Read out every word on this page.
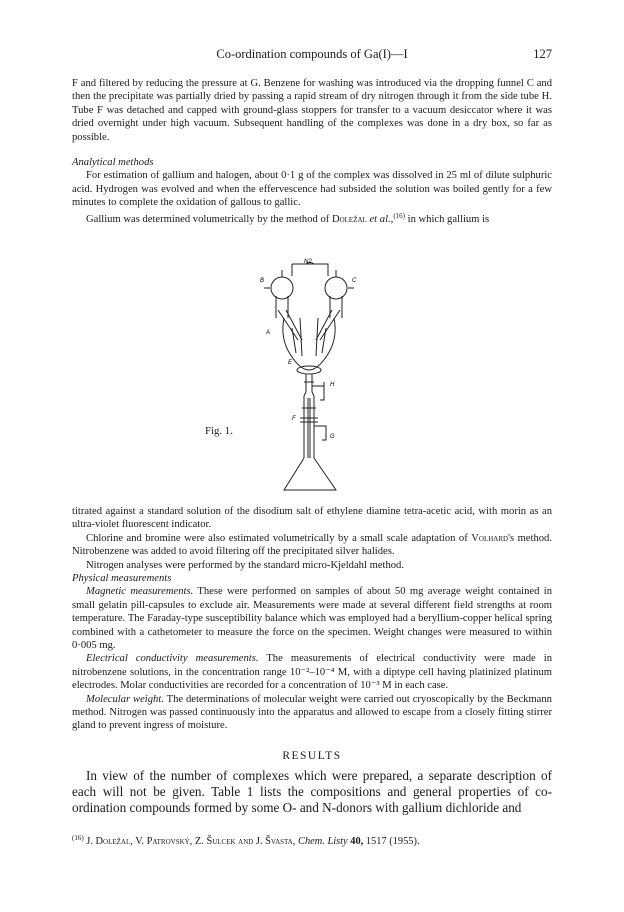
Co-ordination compounds of Ga(I)—I	127

F and filtered by reducing the pressure at G. Benzene for washing was introduced via the dropping funnel C and then the precipitate was partially dried by passing a rapid stream of dry nitrogen through it from the side tube H. Tube F was detached and capped with ground-glass stoppers for transfer to a vacuum desiccator where it was dried overnight under high vacuum. Subsequent handling of the complexes was done in a dry box, so far as possible.

Analytical methods

For estimation of gallium and halogen, about 0·1 g of the complex was dissolved in 25 ml of dilute sulphuric acid. Hydrogen was evolved and when the effervescence had subsided the solution was boiled gently for a few minutes to complete the oxidation of gallous to gallic.

Gallium was determined volumetrically by the method of Doležal et al.,$^{(16)}$ in which gallium is

Fig. 1.
N2
B	C
A
E
H
F
G

titrated against a standard solution of the disodium salt of ethylene diamine tetra-acetic acid, with morin as an ultra-violet fluorescent indicator.

Chlorine and bromine were also estimated volumetrically by a small scale adaptation of Volhard's method. Nitrobenzene was added to avoid filtering off the precipitated silver halides.

Nitrogen analyses were performed by the standard micro-Kjeldahl method.

Physical measurements

Magnetic measurements. These were performed on samples of about 50 mg average weight contained in small gelatin pill-capsules to exclude air. Measurements were made at several different field strengths at room temperature. The Faraday-type susceptibility balance which was employed had a beryllium-copper helical spring combined with a cathetometer to measure the force on the specimen. Weight changes were measured to within 0·005 mg.

Electrical conductivity measurements. The measurements of electrical conductivity were made in nitrobenzene solutions, in the concentration range 10⁻²–10⁻⁴ M, with a diptype cell having platinized platinum electrodes. Molar conductivities are recorded for a concentration of 10⁻³ M in each case.

Molecular weight. The determinations of molecular weight were carried out cryoscopically by the Beckmann method. Nitrogen was passed continuously into the apparatus and allowed to escape from a closely fitting stirrer gland to prevent ingress of moisture.

RESULTS

In view of the number of complexes which were prepared, a separate description of each will not be given. Table 1 lists the compositions and general properties of co-ordination compounds formed by some O- and N-donors with gallium dichloride and

$^{(16)}$ J. Doležal, V. Patrovský, Z. Šulcek and J. Švasta, Chem. Listy 40, 1517 (1955).
